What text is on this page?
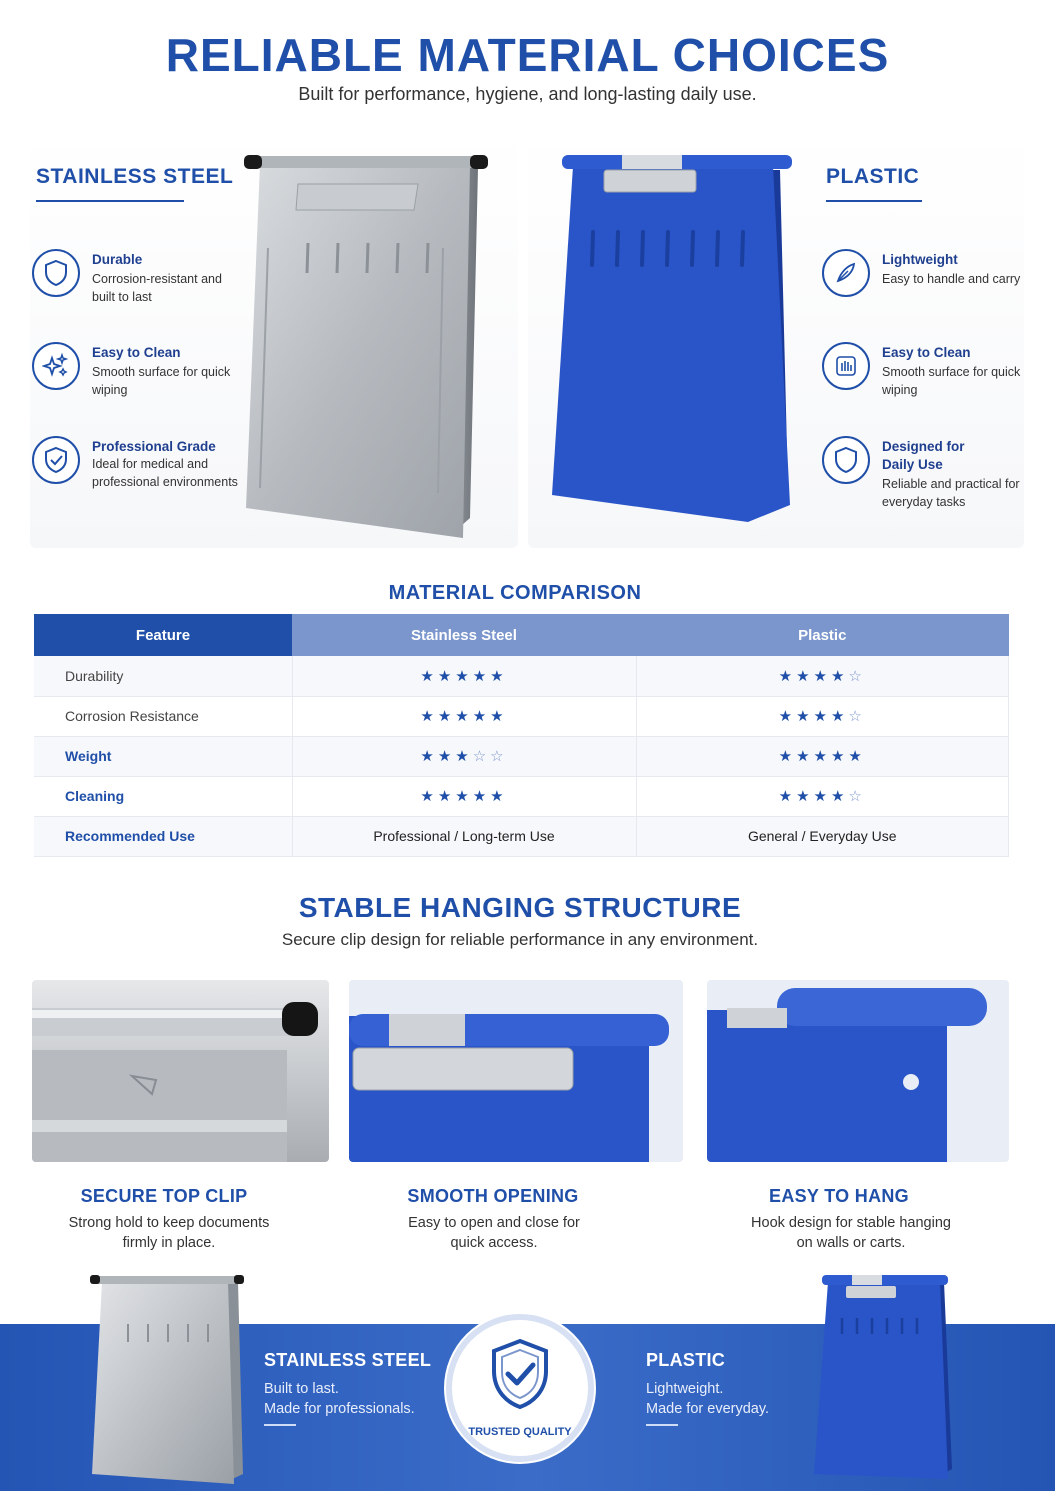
RELIABLE MATERIAL CHOICES
Built for performance, hygiene, and long-lasting daily use.
STAINLESS STEEL
Durable
Corrosion-resistant and built to last
Easy to Clean
Smooth surface for quick wiping
Professional Grade
Ideal for medical and professional environments
PLASTIC
Lightweight
Easy to handle and carry
Easy to Clean
Smooth surface for quick wiping
Designed for Daily Use
Reliable and practical for everyday tasks
MATERIAL COMPARISON
Feature	Stainless Steel	Plastic
Durability	★★★★★	★★★★☆
Corrosion Resistance	★★★★★	★★★★☆
Weight	★★★☆☆	★★★★★
Cleaning	★★★★★	★★★★☆
Recommended Use	Professional / Long-term Use	General / Everyday Use
STABLE HANGING STRUCTURE
Secure clip design for reliable performance in any environment.
SECURE TOP CLIP
Strong hold to keep documents
firmly in place.
SMOOTH OPENING
Easy to open and close for
quick access.
EASY TO HANG
Hook design for stable hanging
on walls or carts.
STAINLESS STEEL
Built to last.
Made for professionals.
TRUSTED QUALITY
PLASTIC
Lightweight.
Made for everyday.
